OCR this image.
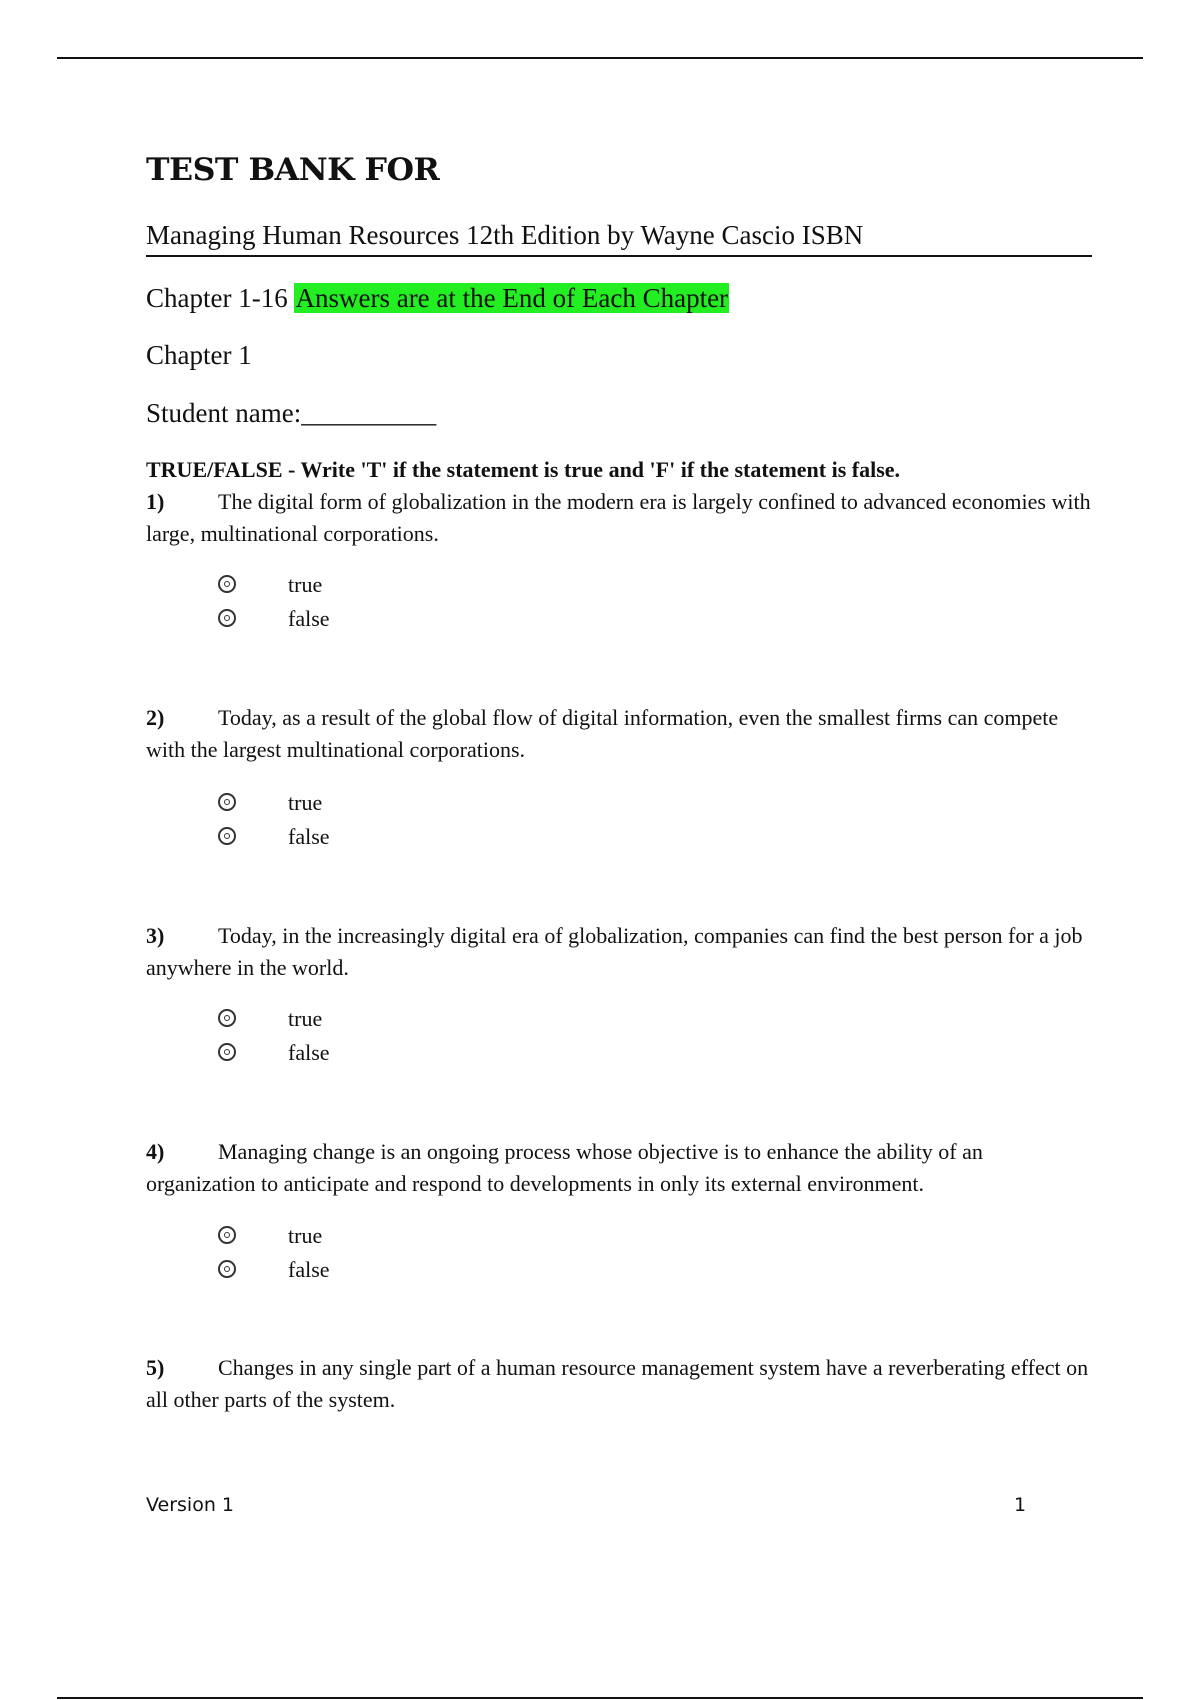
TEST BANK FOR
Managing Human Resources 12th Edition by Wayne Cascio ISBN
Chapter 1-16 Answers are at the End of Each Chapter
Chapter 1
Student name:__________
TRUE/FALSE - Write 'T' if the statement is true and 'F' if the statement is false.
1) The digital form of globalization in the modern era is largely confined to advanced economies with large, multinational corporations.
true
false
2) Today, as a result of the global flow of digital information, even the smallest firms can compete with the largest multinational corporations.
true
false
3) Today, in the increasingly digital era of globalization, companies can find the best person for a job anywhere in the world.
true
false
4) Managing change is an ongoing process whose objective is to enhance the ability of an organization to anticipate and respond to developments in only its external environment.
true
false
5) Changes in any single part of a human resource management system have a reverberating effect on all other parts of the system.
Version 1	1
